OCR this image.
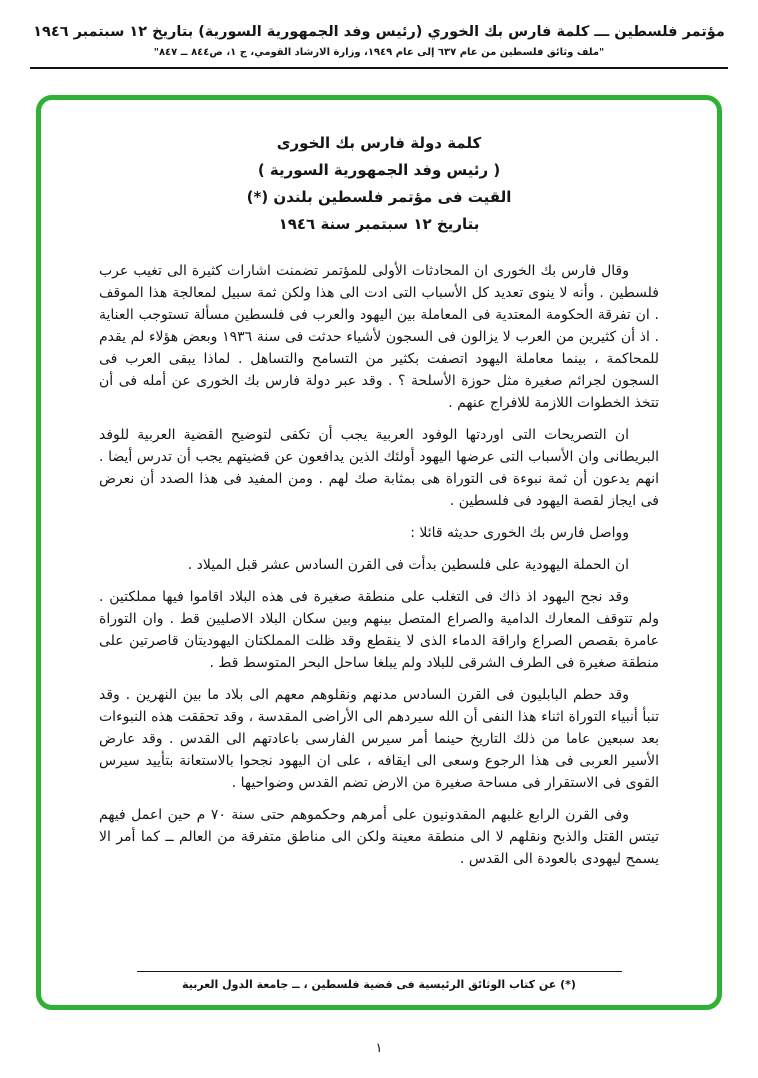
مؤتمر فلسطين ـــ كلمة فارس بك الخوري (رئيس وفد الجمهورية السورية) بتاريخ ١٢ سبتمبر ١٩٤٦
"ملف وثائق فلسطين من عام ٦٣٧ إلى عام ١٩٤٩، وزارة الارشاد القومي، ج ١، ص٨٤٤ ــ ٨٤٧"
كلمة دولة فارس بك الخورى
( رئيس وفد الجمهورية السورية )
القيت فى مؤتمر فلسطين بلندن (*)
بتاريخ ١٢ سبتمبر سنة ١٩٤٦

وقال فارس بك الخورى ان المحادثات الأولى للمؤتمر تضمنت اشارات كثيرة الى تغيب عرب فلسطين . وأنه لا ينوى تعديد كل الأسباب التى ادت الى هذا ولكن ثمة سبيل لمعالجة هذا الموقف . ان تفرقة الحكومة المعتدية فى المعاملة بين اليهود والعرب فى فلسطين مسألة تستوجب العناية . اذ أن كثيرين من العرب لا يزالون فى السجون لأشياء حدثت فى سنة ١٩٣٦ وبعض هؤلاء لم يقدم للمحاكمة ، بينما معاملة اليهود اتصفت بكثير من التسامح والتساهل . لماذا يبقى العرب فى السجون لجرائم صغيرة مثل حوزة الأسلحة ؟ . وقد عبر دولة فارس بك الخورى عن أمله فى أن تتخذ الخطوات اللازمة للافراج عنهم .

ان التصريحات التى اوردتها الوفود العربية يجب أن تكفى لتوضيح القضية العربية للوفد البريطانى وان الأسباب التى عرضها اليهود أولئك الذين يدافعون عن قضيتهم يجب أن تدرس أيضا . انهم يدعون أن ثمة نبوءة فى التوراة هى بمثابة صك لهم . ومن المفيد فى هذا الصدد أن نعرض فى ايجاز لقصة اليهود فى فلسطين .

وواصل فارس بك الخورى حديثه قائلا :

ان الحملة اليهودية على فلسطين بدأت فى القرن السادس عشر قبل الميلاد .

وقد نجح اليهود اذ ذاك فى التغلب على منطقة صغيرة فى هذه البلاد اقاموا فيها مملكتين . ولم تتوقف المعارك الدامية والصراع المتصل بينهم وبين سكان البلاد الاصليين قط . وان التوراة عامرة بقصص الصراع واراقة الدماء الذى لا ينقطع وقد ظلت المملكتان اليهوديتان قاصرتين على منطقة صغيرة فى الطرف الشرقى للبلاد ولم يبلغا ساحل البحر المتوسط قط .

وقد حطم البابليون فى القرن السادس مدنهم ونقلوهم معهم الى بلاد ما بين النهرين . وقد تنبأ أنبياء التوراة اثناء هذا النفى أن الله سيردهم الى الأراضى المقدسة ، وقد تحققت هذه النبوءات بعد سبعين عاما من ذلك التاريخ حينما أمر سيرس الفارسى باعادتهم الى القدس . وقد عارض الأسير العربى فى هذا الرجوع وسعى الى ايقافه ، على ان اليهود نجحوا بالاستعانة بتأييد سيرس القوى فى الاستقرار فى مساحة صغيرة من الارض تضم القدس وضواحيها .

وفى القرن الرابع غلبهم المقدونيون على أمرهم وحكموهم حتى سنة ٧٠ م حين اعمل فيهم تيتس القتل والذبح ونقلهم لا الى منطقة معينة ولكن الى مناطق متفرقة من العالم ــ كما أمر الا يسمح ليهودى بالعودة الى القدس .

(*) عن كتاب الوثائق الرئيسية فى قضية فلسطين ، ــ جامعة الدول العربية
١
